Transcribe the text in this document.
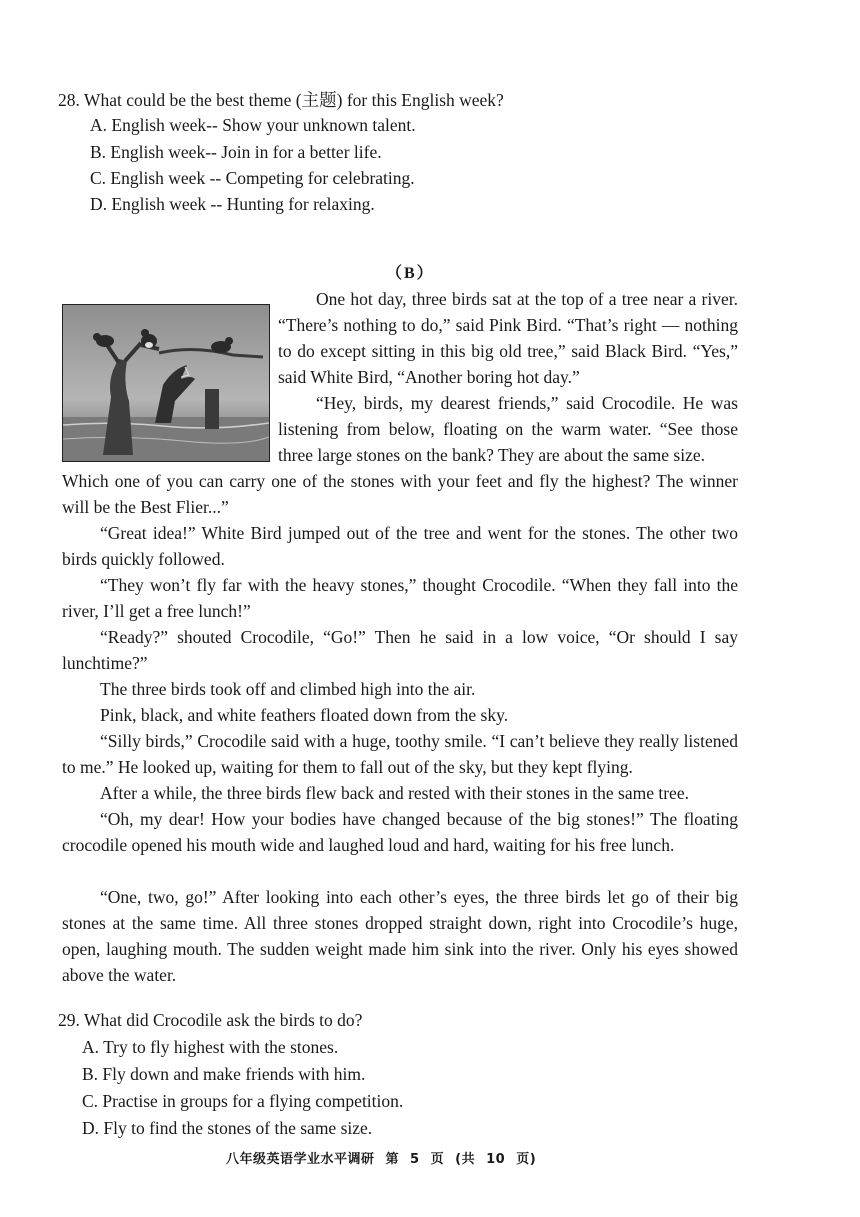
28. What could be the best theme (主题) for this English week?
A. English week-- Show your unknown talent.
B. English week-- Join in for a better life.
C. English week -- Competing for celebrating.
D. English week -- Hunting for relaxing.
（B）
One hot day, three birds sat at the top of a tree near a river. “There’s nothing to do,” said Pink Bird. “That’s right — nothing to do except sitting in this big old tree,” said Black Bird. “Yes,” said White Bird, “Another boring hot day.”
“Hey, birds, my dearest friends,” said Crocodile. He was listening from below, floating on the warm water. “See those three large stones on the bank? They are about the same size.
Which one of you can carry one of the stones with your feet and fly the highest? The winner will be the Best Flier...”
“Great idea!” White Bird jumped out of the tree and went for the stones. The other two birds quickly followed.
“They won’t fly far with the heavy stones,” thought Crocodile. “When they fall into the river, I’ll get a free lunch!”
“Ready?” shouted Crocodile, “Go!” Then he said in a low voice, “Or should I say lunchtime?”
The three birds took off and climbed high into the air.
Pink, black, and white feathers floated down from the sky.
“Silly birds,” Crocodile said with a huge, toothy smile. “I can’t believe they really listened to me.” He looked up, waiting for them to fall out of the sky, but they kept flying.
After a while, the three birds flew back and rested with their stones in the same tree.
“Oh, my dear! How your bodies have changed because of the big stones!” The floating crocodile opened his mouth wide and laughed loud and hard, waiting for his free lunch.
“One, two, go!” After looking into each other’s eyes, the three birds let go of their big stones at the same time. All three stones dropped straight down, right into Crocodile’s huge, open, laughing mouth. The sudden weight made him sink into the river. Only his eyes showed above the water.
29. What did Crocodile ask the birds to do?
A. Try to fly highest with the stones.
B. Fly down and make friends with him.
C. Practise in groups for a flying competition.
D. Fly to find the stones of the same size.
八年级英语学业水平调研 第 5 页 (共 10 页)
